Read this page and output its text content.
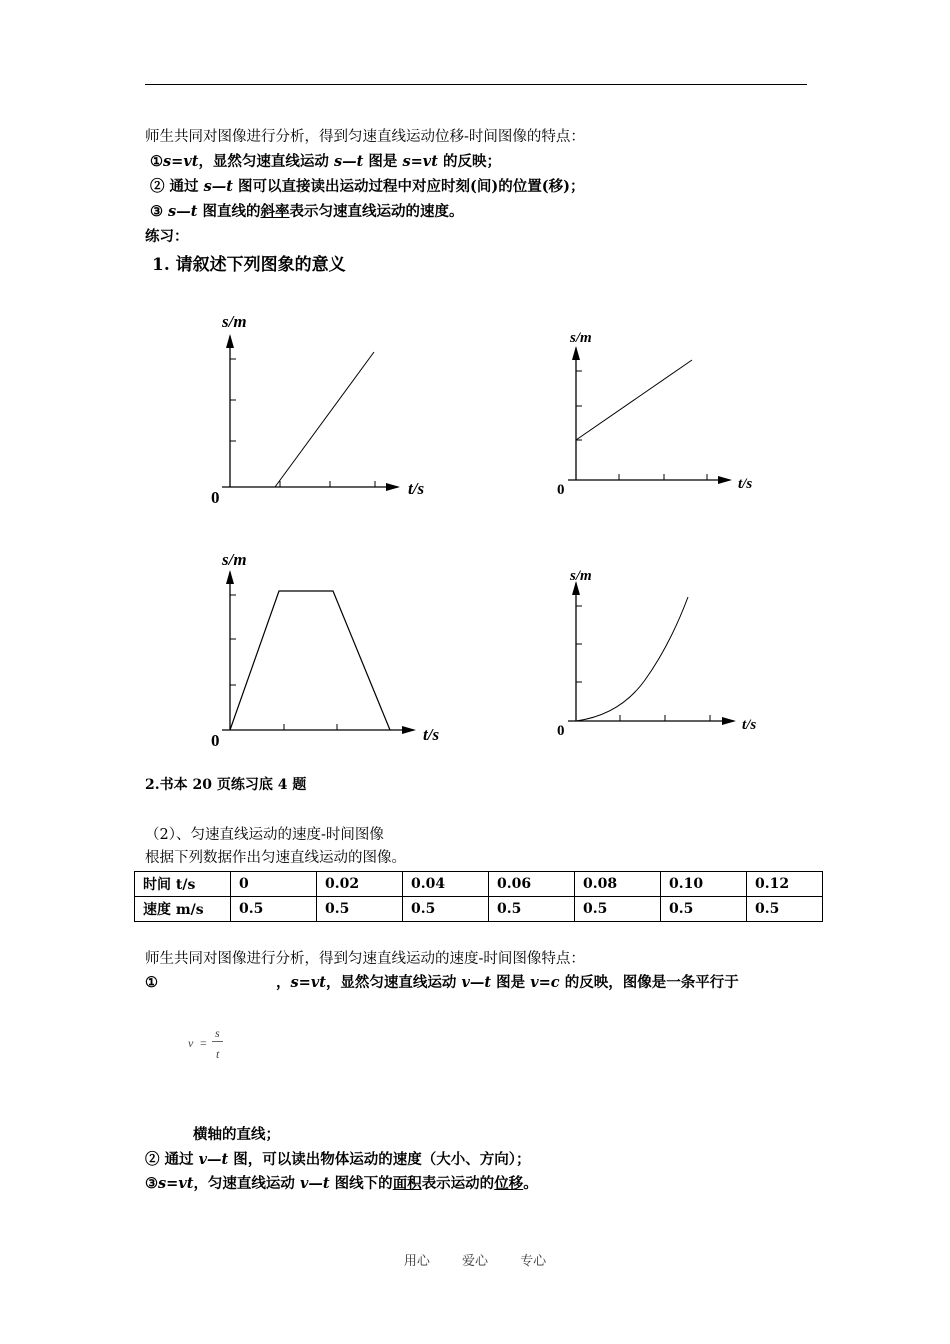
师生共同对图像进行分析，得到匀速直线运动位移-时间图像的特点：
①s=vt，显然匀速直线运动 s—t 图是 s=vt 的反映；
② 通过 s—t 图可以直接读出运动过程中对应时刻(间)的位置(移)；
③ s—t 图直线的斜率表示匀速直线运动的速度。
练习：
1. 请叙述下列图象的意义
s/m
t/s
0
s/m
t/s
0
s/m
t/s
0
s/m
t/s
0
2.书本 20 页练习底 4 题
（2）、匀速直线运动的速度-时间图像
根据下列数据作出匀速直线运动的图像。
时间 t/s	0	0.02	0.04	0.06	0.08	0.10	0.12
速度 m/s	0.5	0.5	0.5	0.5	0.5	0.5	0.5
师生共同对图像进行分析，得到匀速直线运动的速度-时间图像特点：
①	，s=vt，显然匀速直线运动 v—t 图是 v=c 的反映，图像是一条平行于
v =
s
t
横轴的直线；
② 通过 v—t 图，可以读出物体运动的速度（大小、方向）；
③s=vt，匀速直线运动 v—t 图线下的面积表示运动的位移。
用心 爱心 专心
